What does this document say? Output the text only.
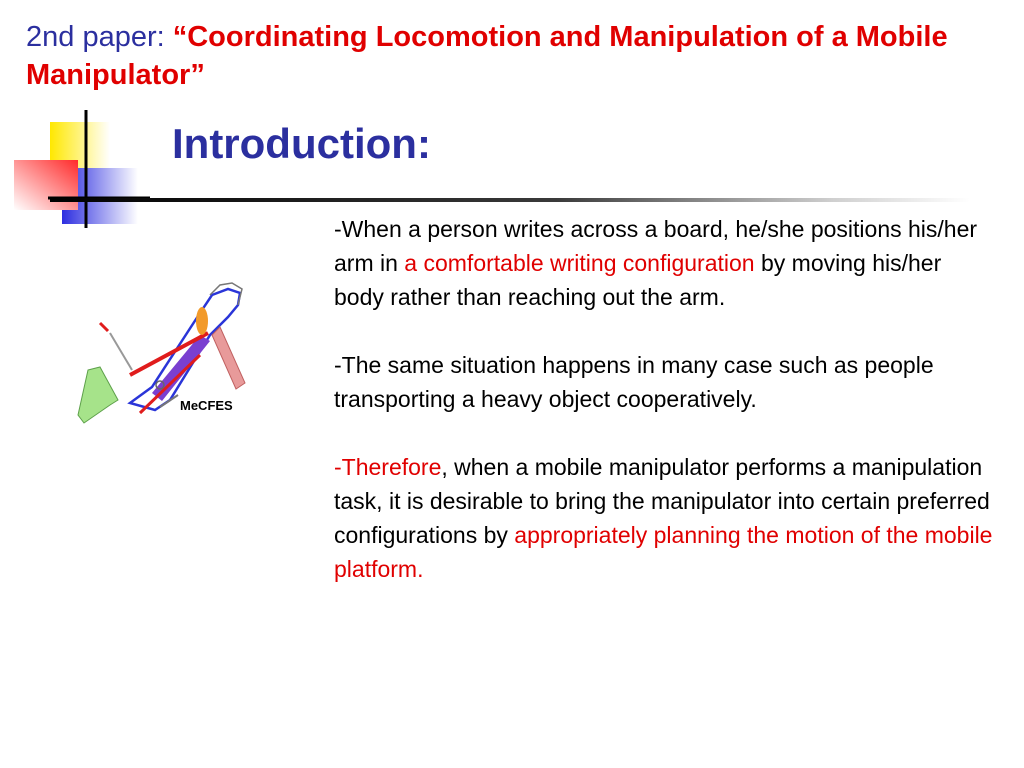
2nd paper: “Coordinating Locomotion and Manipulation of a Mobile Manipulator”
Introduction:
MeCFES

-When a person writes across a board, he/she positions his/her arm in a comfortable writing configuration by moving his/her body rather than reaching out the arm.

-The same situation happens in many case such as people transporting a heavy object cooperatively.

-Therefore, when a mobile manipulator performs a manipulation task, it is desirable to bring the manipulator into certain preferred configurations by appropriately planning the motion of the mobile platform.
